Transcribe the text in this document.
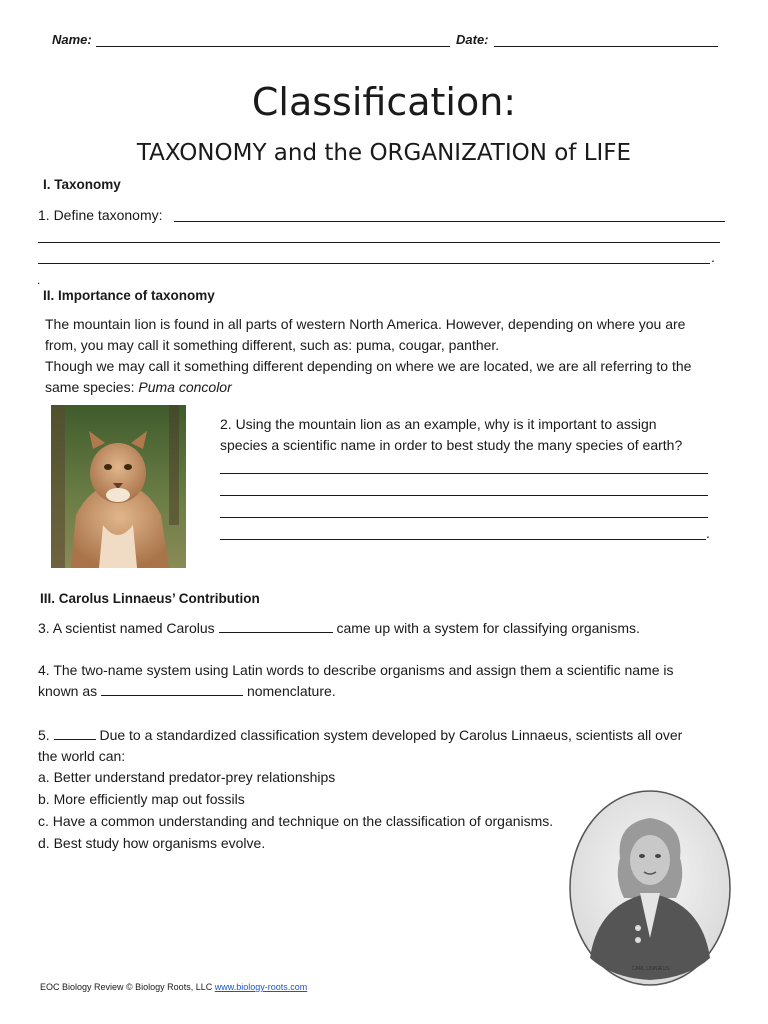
Name:	Date:
Classification:
TAXONOMY and the ORGANIZATION of LIFE
I. Taxonomy
1. Define taxonomy:
.
.
II. Importance of taxonomy
The mountain lion is found in all parts of western North America. However, depending on where you are
from, you may call it something different, such as: puma, cougar, panther.
Though we may call it something different depending on where we are located, we are all referring to the
same species: Puma concolor
2. Using the mountain lion as an example, why is it important to assign
species a scientific name in order to best study the many species of earth?
.
III. Carolus Linnaeus’ Contribution
3. A scientist named Carolus	came up with a system for classifying organisms.
4. The two-name system using Latin words to describe organisms and assign them a scientific name is
known as	nomenclature.
5.	Due to a standardized classification system developed by Carolus Linnaeus, scientists all over
the world can:
a. Better understand predator-prey relationships
b. More efficiently map out fossils
c. Have a common understanding and technique on the classification of organisms.
d. Best study how organisms evolve.
CARL LINNÆUS
EOC Biology Review © Biology Roots, LLC www.biology-roots.com
